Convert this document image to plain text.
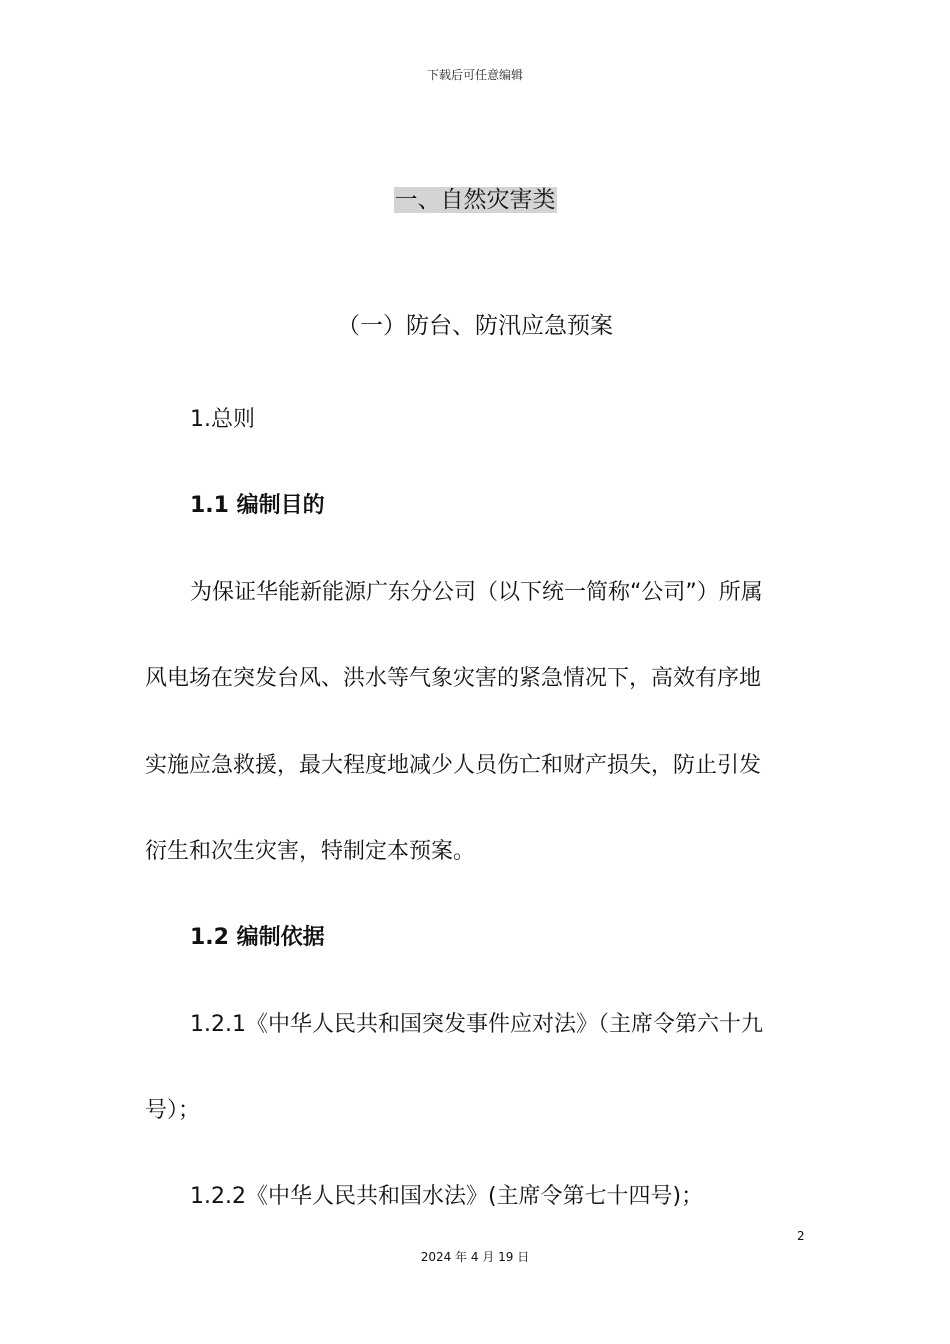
下载后可任意编辑
一、自然灾害类
（一）防台、防汛应急预案
1.总则
1.1 编制目的
为保证华能新能源广东分公司（以下统一简称“公司”）所属
风电场在突发台风、洪水等气象灾害的紧急情况下，高效有序地
实施应急救援，最大程度地减少人员伤亡和财产损失，防止引发
衍生和次生灾害，特制定本预案。
1.2 编制依据
1.2.1《中华人民共和国突发事件应对法》（主席令第六十九
号）；
1.2.2《中华人民共和国水法》(主席令第七十四号)；
2
2024 年 4 月 19 日
